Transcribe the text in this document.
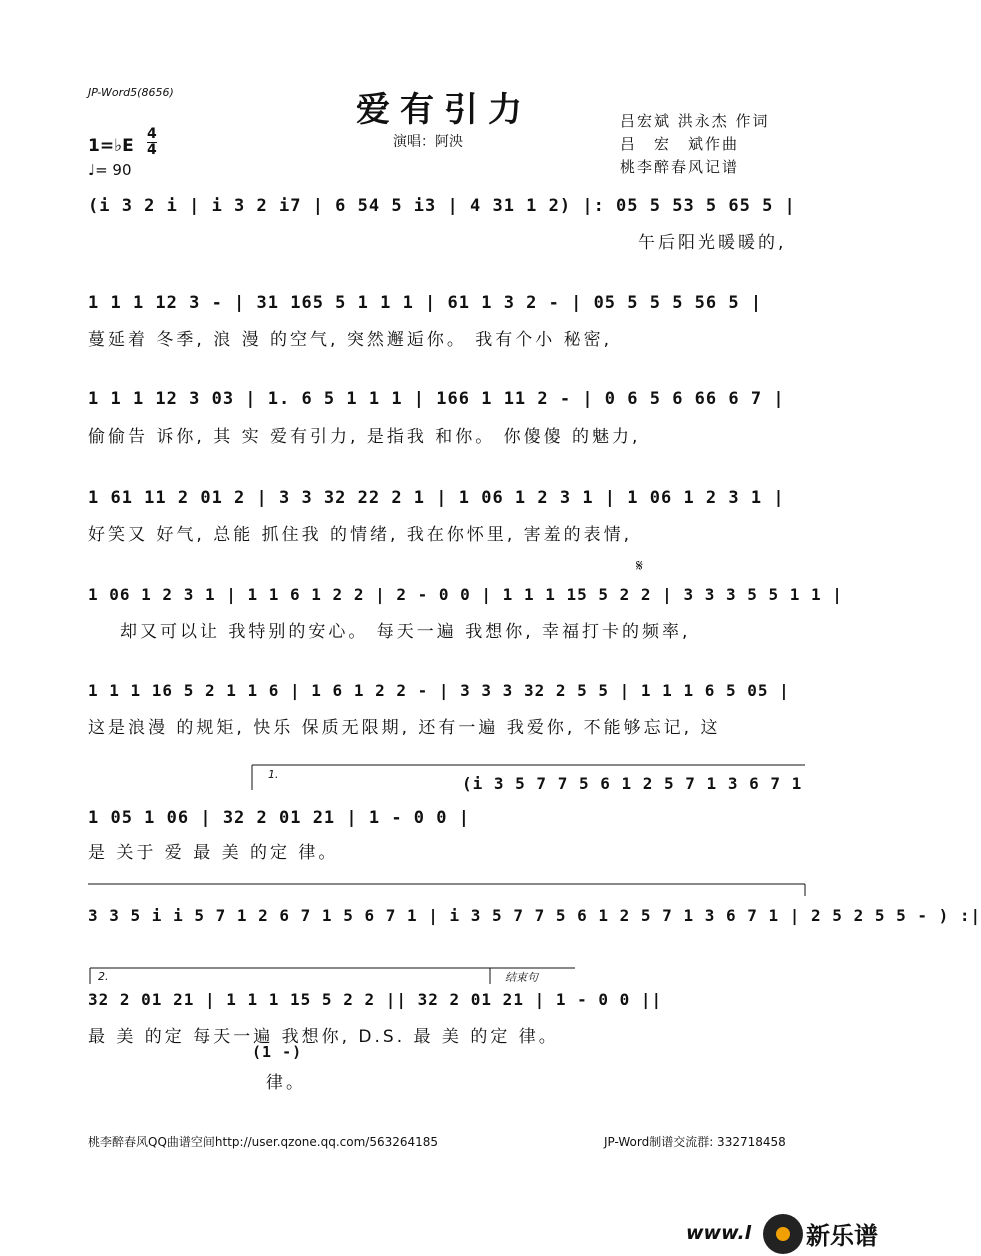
JP-Word5(8656)	爱有引力
演唱：阿泱
1=♭E
4
4
♩= 90
吕宏斌 洪永杰 作词
吕　宏　斌作曲
桃李醉春风记谱
(i 3 2 i | i 3 2 i7 | 6 54 5 i3 | 4 31 1 2) |: 05 5 53 5 65 5 |
午后阳光暖暖的,
1 1 1 12 3 - | 31 165 5 1 1 1 | 61 1 3 2 - | 05 5 5 5 56 5 |
蔓延着 冬季, 浪 漫 的空气, 突然邂逅你。 我有个小 秘密,
1 1 1 12 3 03 | 1. 6 5 1 1 1 | 166 1 11 2 - | 0 6 5 6 66 6 7 |
偷偷告 诉你, 其 实 爱有引力, 是指我 和你。 你傻傻 的魅力,
1 61 11 2 01 2 | 3 3 32 22 2 1 | 1 06 1 2 3 1 | 1 06 1 2 3 1 |
好笑又 好气, 总能 抓住我 的情绪, 我在你怀里, 害羞的表情,
𝄋
1 06 1 2 3 1 | 1 1 6 1 2 2 | 2 - 0 0 | 1 1 1 15 5 2 2 | 3 3 3 5 5 1 1 |
却又可以让 我特别的安心。 每天一遍 我想你, 幸福打卡的频率,
1 1 1 16 5 2 1 1 6 | 1 6 1 2 2 - | 3 3 3 32 2 5 5 | 1 1 1 6 5 05 |
这是浪漫 的规矩, 快乐 保质无限期, 还有一遍 我爱你, 不能够忘记, 这
1.	(i 3 5 7 7 5 6 1 2 5 7 1 3 6 7 1
1 05 1 06 | 32 2 01 21 | 1 - 0 0 |
是 关于 爱 最 美 的定 律。
3 3 5 i i 5 7 1 2 6 7 1 5 6 7 1 | i 3 5 7 7 5 6 1 2 5 7 1 3 6 7 1 | 2 5 2 5 5 - ) :|
2.	结束句
32 2 01 21 | 1 1 1 15 5 2 2 || 32 2 01 21 | 1 - 0 0 ||
最 美 的定 每天一遍 我想你, D.S. 最 美 的定 律。
(1 -)
律。
桃李醉春风QQ曲谱空间http://user.qzone.qq.com/563264185	JP-Word制谱交流群: 332718458
www.l 新乐谱
